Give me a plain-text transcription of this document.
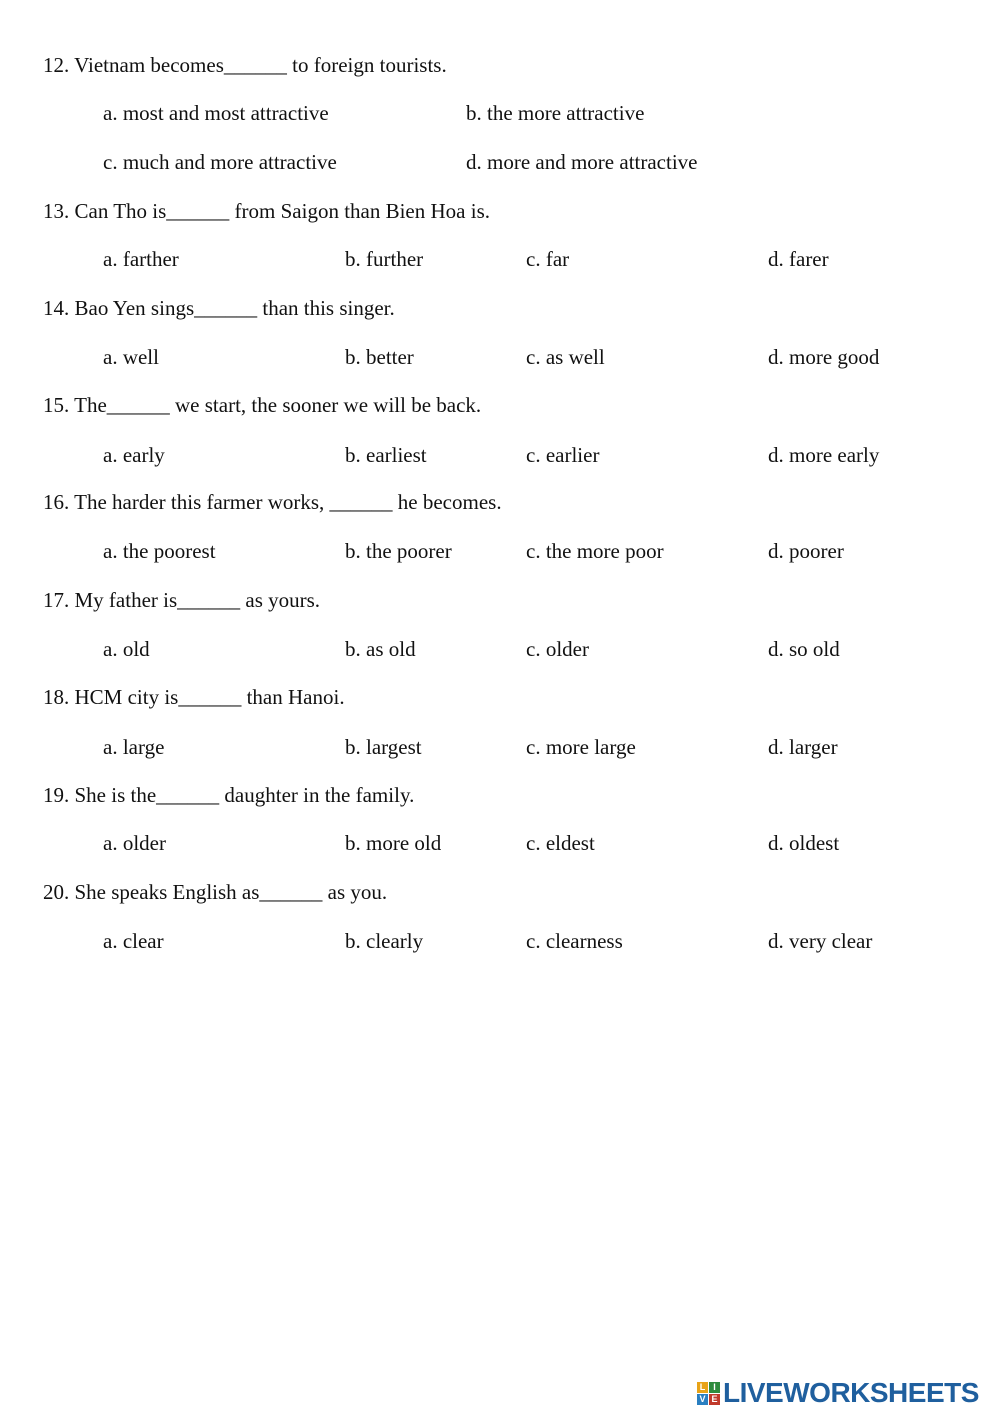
12. Vietnam becomes______ to foreign tourists.
a. most and most attractive	b. the more attractive
c. much and more attractive	d. more and more attractive
13. Can Tho is______ from Saigon than Bien Hoa is.
a. farther	b. further	c. far	d. farer
14. Bao Yen sings______ than this singer.
a. well	b. better	c. as well	d. more good
15. The______ we start, the sooner we will be back.
a. early	b. earliest	c. earlier	d. more early
16. The harder this farmer works, ______ he becomes.
a. the poorest	b. the poorer	c. the more poor	d. poorer
17. My father is______ as yours.
a. old	b. as old	c. older	d. so old
18. HCM city is______ than Hanoi.
a. large	b. largest	c. more large	d. larger
19. She is the______ daughter in the family.
a. older	b. more old	c. eldest	d. oldest
20. She speaks English as______ as you.
a. clear	b. clearly	c. clearness	d. very clear
L I
V E LIVEWORKSHEETS
